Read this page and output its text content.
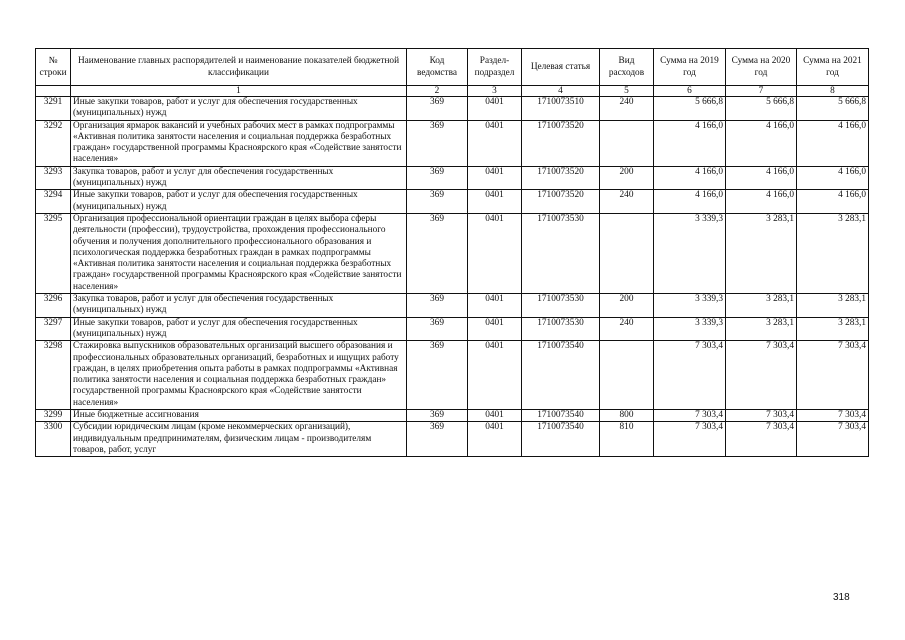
№ строки	Наименование главных распорядителей и наименование показателей бюджетной классификации	Код ведомства	Раздел-подраздел	Целевая статья	Вид расходов	Сумма на 2019 год	Сумма на 2020 год	Сумма на 2021 год
	1	2	3	4	5	6	7	8
3291	Иные закупки товаров, работ и услуг для обеспечения государственных (муниципальных) нужд	369	0401	1710073510	240	5 666,8	5 666,8	5 666,8
3292	Организация ярмарок вакансий и учебных рабочих мест в рамках подпрограммы «Активная политика занятости населения и социальная поддержка безработных граждан» государственной программы Красноярского края «Содействие занятости населения»	369	0401	1710073520		4 166,0	4 166,0	4 166,0
3293	Закупка товаров, работ и услуг для обеспечения государственных (муниципальных) нужд	369	0401	1710073520	200	4 166,0	4 166,0	4 166,0
3294	Иные закупки товаров, работ и услуг для обеспечения государственных (муниципальных) нужд	369	0401	1710073520	240	4 166,0	4 166,0	4 166,0
3295	Организация профессиональной ориентации граждан в целях выбора сферы деятельности (профессии), трудоустройства, прохождения профессионального обучения и получения дополнительного профессионального образования и психологическая поддержка безработных граждан в рамках подпрограммы «Активная политика занятости населения и социальная поддержка безработных граждан» государственной программы Красноярского края «Содействие занятости населения»	369	0401	1710073530		3 339,3	3 283,1	3 283,1
3296	Закупка товаров, работ и услуг для обеспечения государственных (муниципальных) нужд	369	0401	1710073530	200	3 339,3	3 283,1	3 283,1
3297	Иные закупки товаров, работ и услуг для обеспечения государственных (муниципальных) нужд	369	0401	1710073530	240	3 339,3	3 283,1	3 283,1
3298	Стажировка выпускников образовательных организаций высшего образования и профессиональных образовательных организаций, безработных и ищущих работу граждан, в целях приобретения опыта работы в рамках подпрограммы «Активная политика занятости населения и социальная поддержка безработных граждан» государственной программы Красноярского края «Содействие занятости населения»	369	0401	1710073540		7 303,4	7 303,4	7 303,4
3299	Иные бюджетные ассигнования	369	0401	1710073540	800	7 303,4	7 303,4	7 303,4
3300	Субсидии юридическим лицам (кроме некоммерческих организаций), индивидуальным предпринимателям, физическим лицам - производителям товаров, работ, услуг	369	0401	1710073540	810	7 303,4	7 303,4	7 303,4
318
